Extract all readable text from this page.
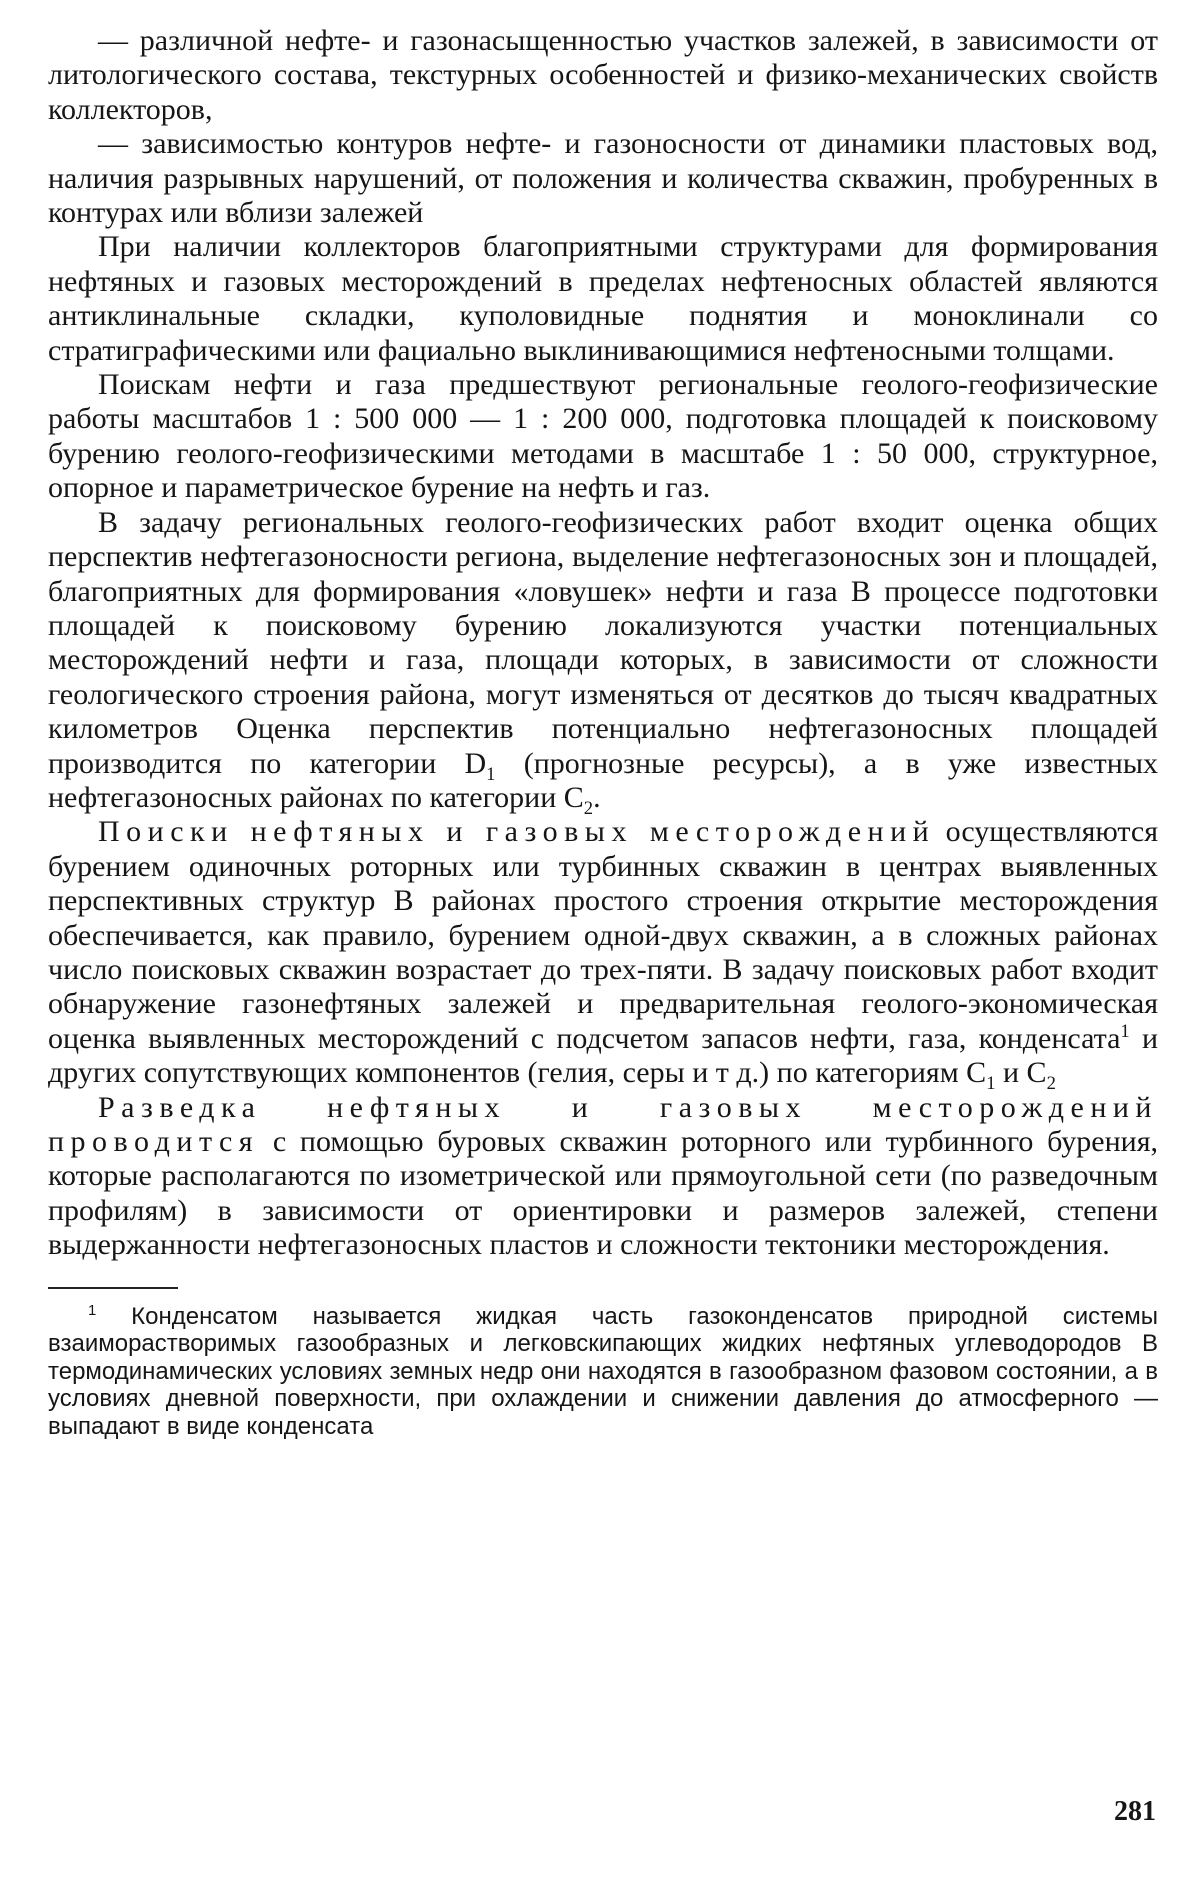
— различной нефте- и газонасыщенностью участков залежей, в зависимости от литологического состава, текстурных особенностей и физико-механических свойств коллекторов,

— зависимостью контуров нефте- и газоносности от динамики пластовых вод, наличия разрывных нарушений, от положения и количества скважин, пробуренных в контурах или вблизи залежей

При наличии коллекторов благоприятными структурами для формирования нефтяных и газовых месторождений в пределах нефтеносных областей являются антиклинальные складки, куполовидные поднятия и моноклинали со стратиграфическими или фациально выклинивающимися нефтеносными толщами.

Поискам нефти и газа предшествуют региональные геолого-геофизические работы масштабов 1 : 500 000 — 1 : 200 000, подготовка площадей к поисковому бурению геолого-геофизическими методами в масштабе 1 : 50 000, структурное, опорное и параметрическое бурение на нефть и газ.

В задачу региональных геолого-геофизических работ входит оценка общих перспектив нефтегазоносности региона, выделение нефтегазоносных зон и площадей, благоприятных для формирования «ловушек» нефти и газа В процессе подготовки площадей к поисковому бурению локализуются участки потенциальных месторождений нефти и газа, площади которых, в зависимости от сложности геологического строения района, могут изменяться от десятков до тысяч квадратных километров Оценка перспектив потенциально нефтегазоносных площадей производится по категории $D_1$ (прогнозные ресурсы), а в уже известных нефтегазоносных районах по категории $C_2$.

Поиски нефтяных и газовых месторождений осуществляются бурением одиночных роторных или турбинных скважин в центрах выявленных перспективных структур В районах простого строения открытие месторождения обеспечивается, как правило, бурением одной-двух скважин, а в сложных районах число поисковых скважин возрастает до трех-пяти. В задачу поисковых работ входит обнаружение газонефтяных залежей и предварительная геолого-экономическая оценка выявленных месторождений с подсчетом запасов нефти, газа, конденсата$^1$ и других сопутствующих компонентов (гелия, серы и т д.) по категориям $C_1$ и $C_2$

Разведка нефтяных и газовых месторождений проводится с помощью буровых скважин роторного или турбинного бурения, которые располагаются по изометрической или прямоугольной сети (по разведочным профилям) в зависимости от ориентировки и размеров залежей, степени выдержанности нефтегазоносных пластов и сложности тектоники месторождения.

$^1$ Конденсатом называется жидкая часть газоконденсатов природной системы взаиморастворимых газообразных и легковскипающих жидких нефтяных углеводородов В термодинамических условиях земных недр они находятся в газообразном фазовом состоянии, а в условиях дневной поверхности, при охлаждении и снижении давления до атмосферного — выпадают в виде конденсата

281
